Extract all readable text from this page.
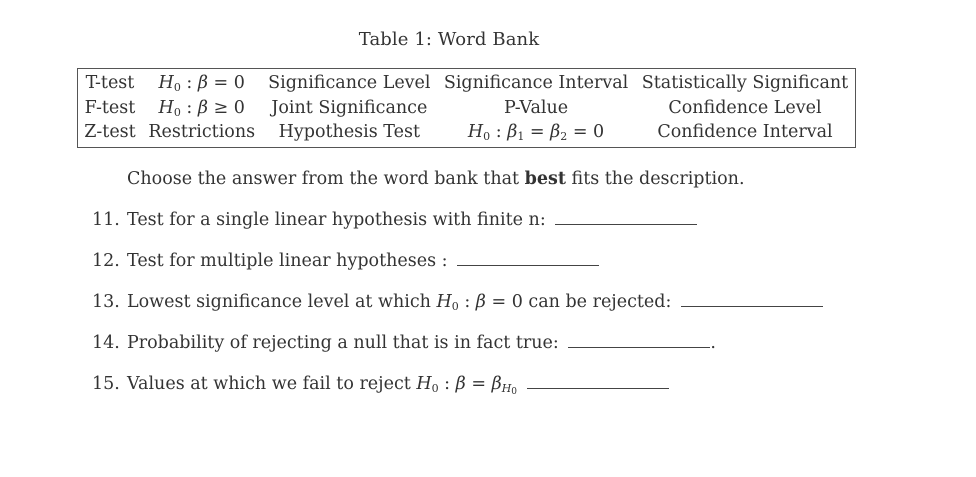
Table 1: Word Bank
T-test	$H_0$ : β = 0	Significance Level	Significance Interval	Statistically Significant
F-test	$H_0$ : β ≥ 0	Joint Significance	P-Value	Confidence Level
Z-test	Restrictions	Hypothesis Test	$H_0$ : $\beta_1 = \beta_2 = 0$	Confidence Interval
Choose the answer from the word bank that best fits the description.
11. Test for a single linear hypothesis with finite n:
12. Test for multiple linear hypotheses :
13. Lowest significance level at which $H_0$ : β = 0 can be rejected:
14. Probability of rejecting a null that is in fact true:	.
15. Values at which we fail to reject $H_0$ : $\beta = \beta_{H0}$
